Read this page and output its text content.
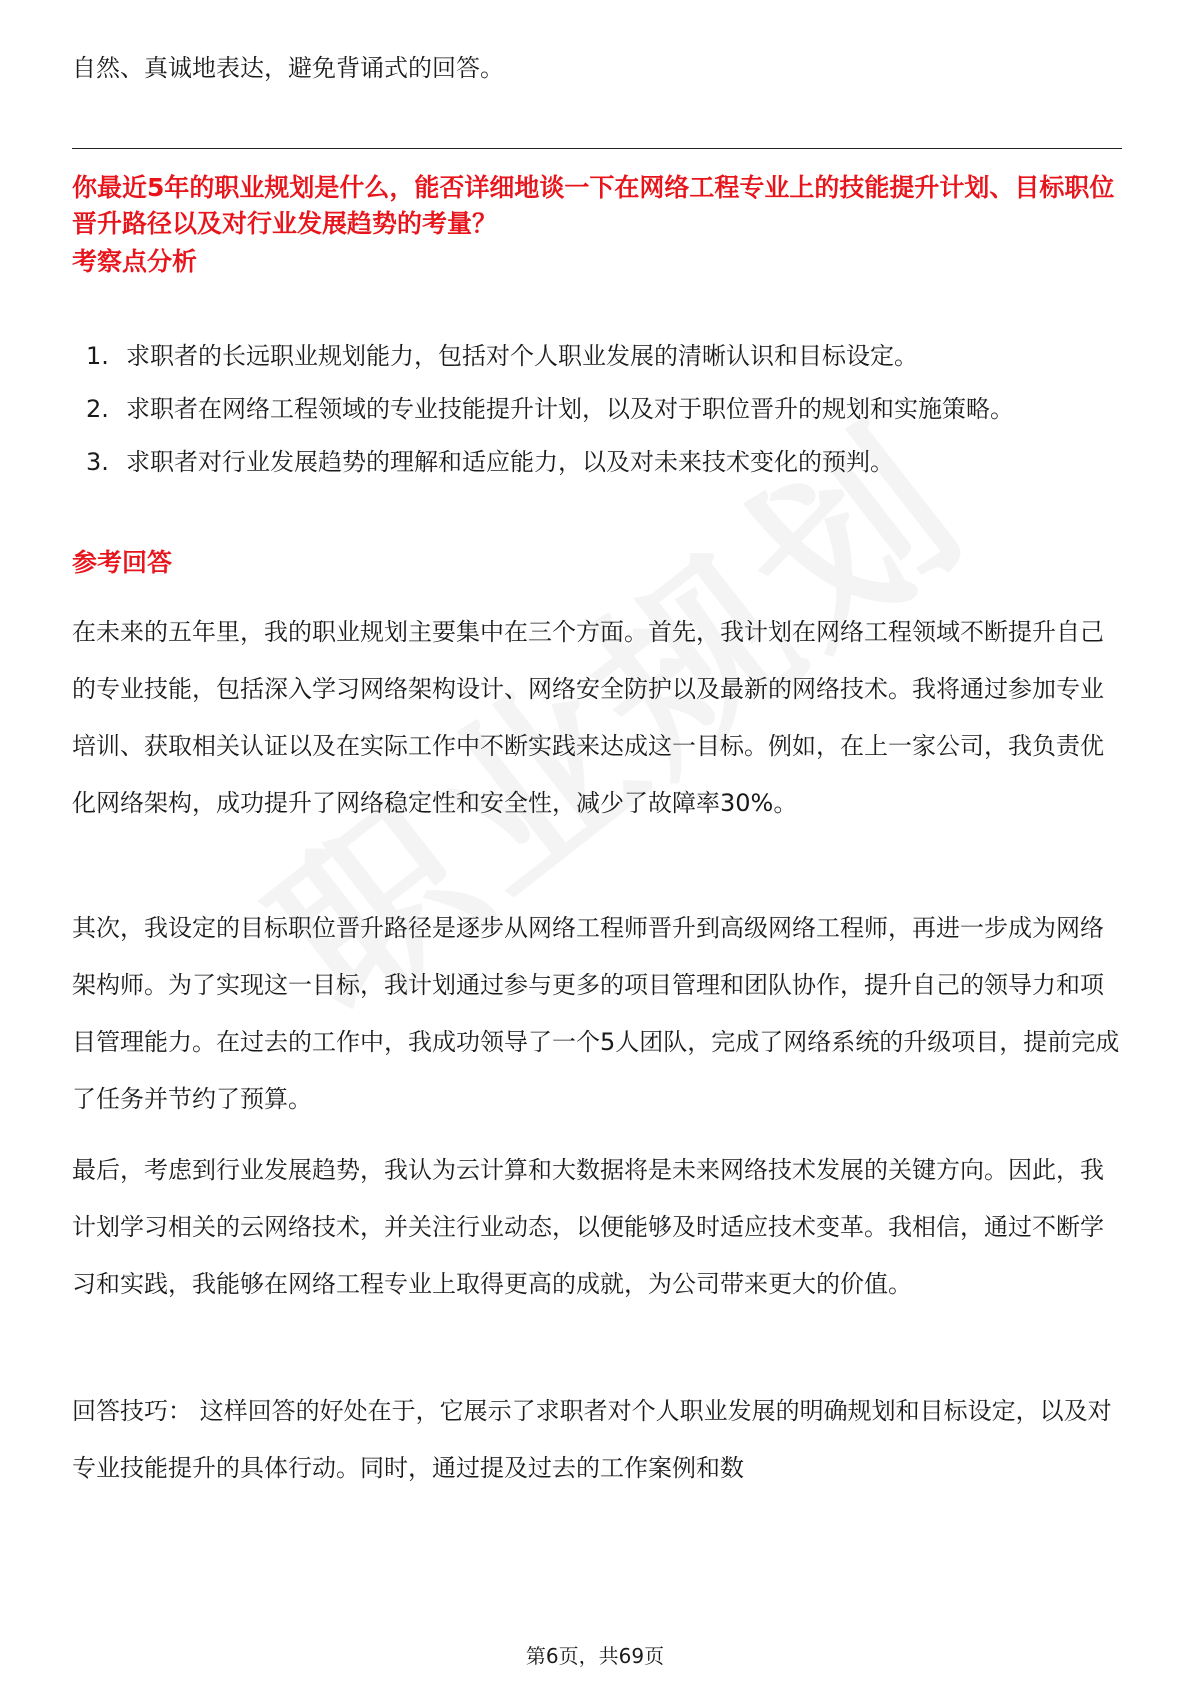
自然、真诚地表达，避免背诵式的回答。

你最近5年的职业规划是什么，能否详细地谈一下在网络工程专业上的技能提升计划、目标职位晋升路径以及对行业发展趋势的考量？

考察点分析

1. 求职者的长远职业规划能力，包括对个人职业发展的清晰认识和目标设定。
2. 求职者在网络工程领域的专业技能提升计划，以及对于职位晋升的规划和实施策略。
3. 求职者对行业发展趋势的理解和适应能力，以及对未来技术变化的预判。

参考回答

在未来的五年里，我的职业规划主要集中在三个方面。首先，我计划在网络工程领域不断提升自己的专业技能，包括深入学习网络架构设计、网络安全防护以及最新的网络技术。我将通过参加专业培训、获取相关认证以及在实际工作中不断实践来达成这一目标。例如，在上一家公司，我负责优化网络架构，成功提升了网络稳定性和安全性，减少了故障率30%。

其次，我设定的目标职位晋升路径是逐步从网络工程师晋升到高级网络工程师，再进一步成为网络架构师。为了实现这一目标，我计划通过参与更多的项目管理和团队协作，提升自己的领导力和项目管理能力。在过去的工作中，我成功领导了一个5人团队，完成了网络系统的升级项目，提前完成了任务并节约了预算。

最后，考虑到行业发展趋势，我认为云计算和大数据将是未来网络技术发展的关键方向。因此，我计划学习相关的云网络技术，并关注行业动态，以便能够及时适应技术变革。我相信，通过不断学习和实践，我能够在网络工程专业上取得更高的成就，为公司带来更大的价值。

回答技巧： 这样回答的好处在于，它展示了求职者对个人职业发展的明确规划和目标设定，以及对专业技能提升的具体行动。同时，通过提及过去的工作案例和数

第6页，共69页
